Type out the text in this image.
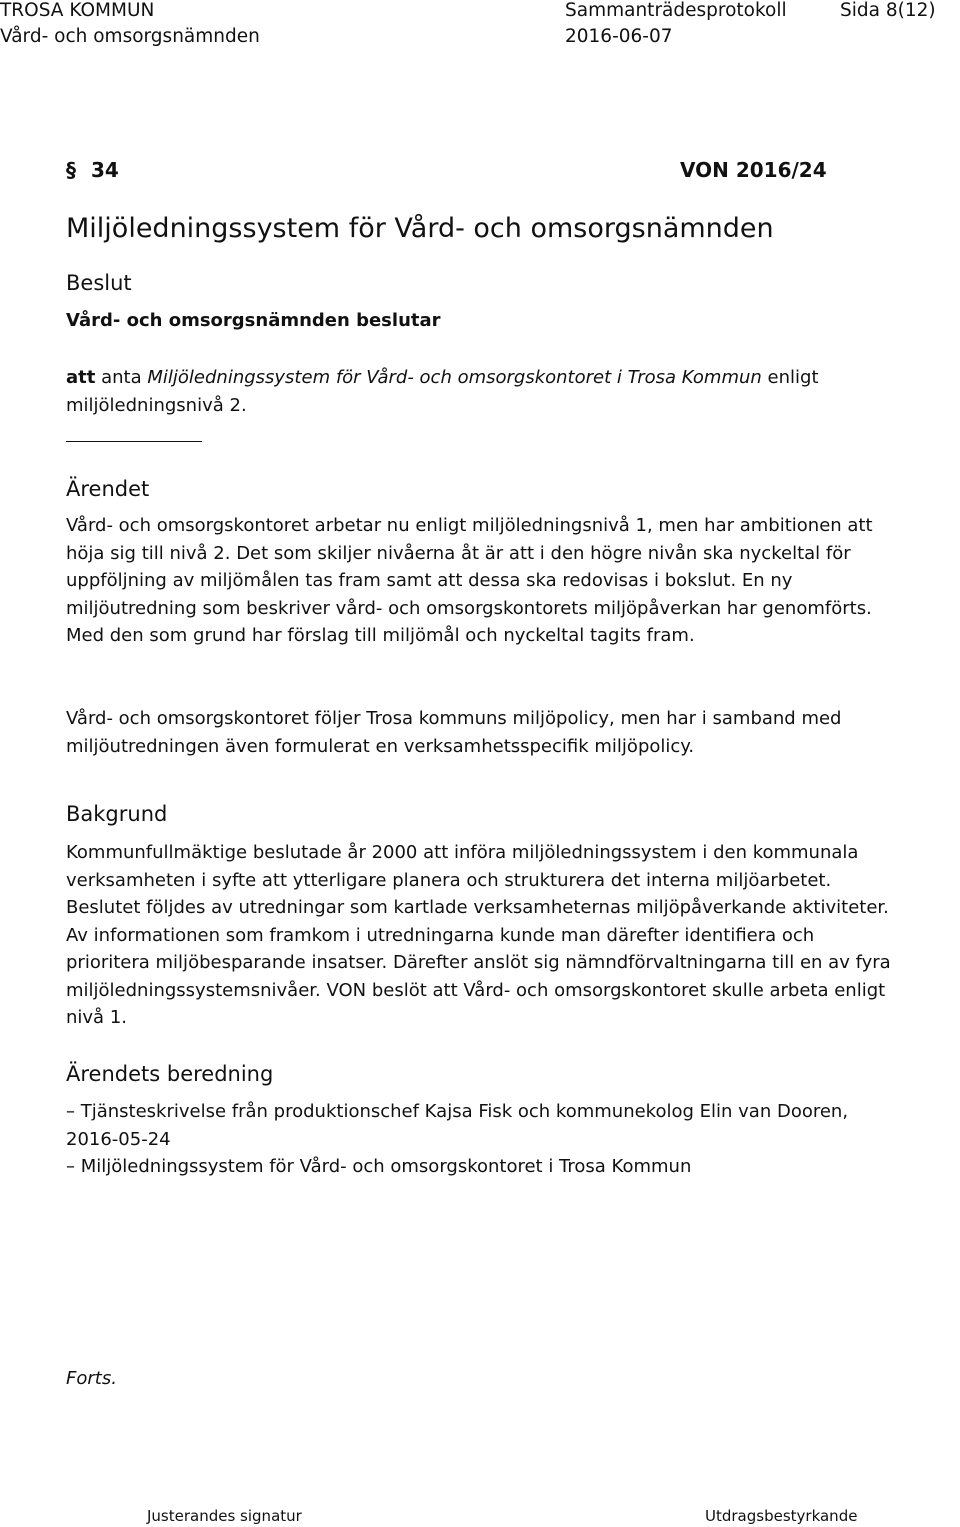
TROSA KOMMUN
Vård- och omsorgsnämnden
Sammanträdesprotokoll	Sida 8(12)
2016-06-07
§ 34	VON 2016/24
Miljöledningssystem för Vård- och omsorgsnämnden
Beslut
Vård- och omsorgsnämnden beslutar
att anta Miljöledningssystem för Vård- och omsorgskontoret i Trosa Kommun enligt miljöledningsnivå 2.
Ärendet
Vård- och omsorgskontoret arbetar nu enligt miljöledningsnivå 1, men har ambitionen att höja sig till nivå 2. Det som skiljer nivåerna åt är att i den högre nivån ska nyckeltal för uppföljning av miljömålen tas fram samt att dessa ska redovisas i bokslut. En ny miljöutredning som beskriver vård- och omsorgskontorets miljöpåverkan har genomförts. Med den som grund har förslag till miljömål och nyckeltal tagits fram.
Vård- och omsorgskontoret följer Trosa kommuns miljöpolicy, men har i samband med miljöutredningen även formulerat en verksamhetsspecifik miljöpolicy.
Bakgrund
Kommunfullmäktige beslutade år 2000 att införa miljöledningssystem i den kommunala verksamheten i syfte att ytterligare planera och strukturera det interna miljöarbetet. Beslutet följdes av utredningar som kartlade verksamheternas miljöpåverkande aktiviteter. Av informationen som framkom i utredningarna kunde man därefter identifiera och prioritera miljöbesparande insatser. Därefter anslöt sig nämndförvaltningarna till en av fyra miljöledningssystemsnivåer. VON beslöt att Vård- och omsorgskontoret skulle arbeta enligt nivå 1.
Ärendets beredning
– Tjänsteskrivelse från produktionschef Kajsa Fisk och kommunekolog Elin van Dooren, 2016-05-24
– Miljöledningssystem för Vård- och omsorgskontoret i Trosa Kommun
Forts.
Justerandes signatur	Utdragsbestyrkande
